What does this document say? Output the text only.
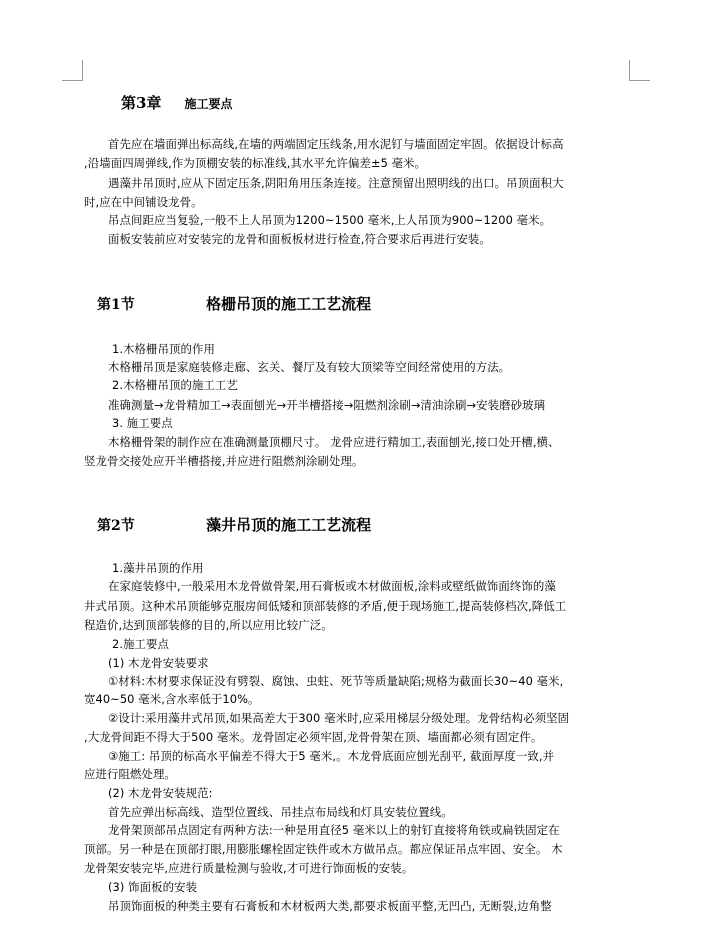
第3章 施工要点
首先应在墙面弹出标高线,在墙的两端固定压线条,用水泥钉与墙面固定牢固。依据设计标高
,沿墙面四周弹线,作为顶棚安装的标准线,其水平允许偏差±5 毫米。
遇藻井吊顶时,应从下固定压条,阴阳角用压条连接。注意预留出照明线的出口。吊顶面积大
时,应在中间铺设龙骨。
吊点间距应当复验,一般不上人吊顶为1200~1500 毫米,上人吊顶为900~1200 毫米。
面板安装前应对安装完的龙骨和面板板材进行检查,符合要求后再进行安装。
第1节	格栅吊顶的施工工艺流程
1.木格栅吊顶的作用
木格栅吊顶是家庭装修走廊、玄关、餐厅及有较大顶梁等空间经常使用的方法。
2.木格栅吊顶的施工工艺
准确测量→龙骨精加工→表面刨光→开半槽搭接→阻燃剂涂刷→清油涂刷→安装磨砂玻璃
3. 施工要点
木格栅骨架的制作应在准确测量顶棚尺寸。 龙骨应进行精加工,表面刨光,接口处开槽,横、
竖龙骨交接处应开半槽搭接,并应进行阻燃剂涂刷处理。
第2节	藻井吊顶的施工工艺流程
1.藻井吊顶的作用
在家庭装修中,一般采用木龙骨做骨架,用石膏板或木材做面板,涂料或壁纸做饰面终饰的藻
井式吊顶。这种术吊顶能够克服房间低矮和顶部装修的矛盾,便于现场施工,提高装修档次,降低工
程造价,达到顶部装修的目的,所以应用比较广泛。
2.施工要点
(1) 木龙骨安装要求
①材料:木材要求保证没有劈裂、腐蚀、虫蛀、死节等质量缺陷;规格为截面长30~40 毫米,
宽40~50 毫米,含水率低于10%。
②设计:采用藻井式吊顶,如果高差大于300 毫米时,应采用梯层分级处理。龙骨结构必须坚固
,大龙骨间距不得大于500 毫米。龙骨固定必须牢固,龙骨骨架在顶、墙面都必须有固定件。
③施工: 吊顶的标高水平偏差不得大于5 毫米,。木龙骨底面应刨光刮平, 截面厚度一致,并
应进行阻燃处理。
(2) 木龙骨安装规范:
首先应弹出标高线、造型位置线、吊挂点布局线和灯具安装位置线。
龙骨架顶部吊点固定有两种方法:一种是用直径5 毫米以上的射钉直接将角铁或扁铁固定在
顶部。另一种是在顶部打眼,用膨胀螺栓固定铁件或木方做吊点。都应保证吊点牢固、安全。 木
龙骨架安装完毕,应进行质量检测与验收,才可进行饰面板的安装。
(3) 饰面板的安装
吊顶饰面板的种类主要有石膏板和木材板两大类,都要求板面平整,无凹凸, 无断裂,边角整
